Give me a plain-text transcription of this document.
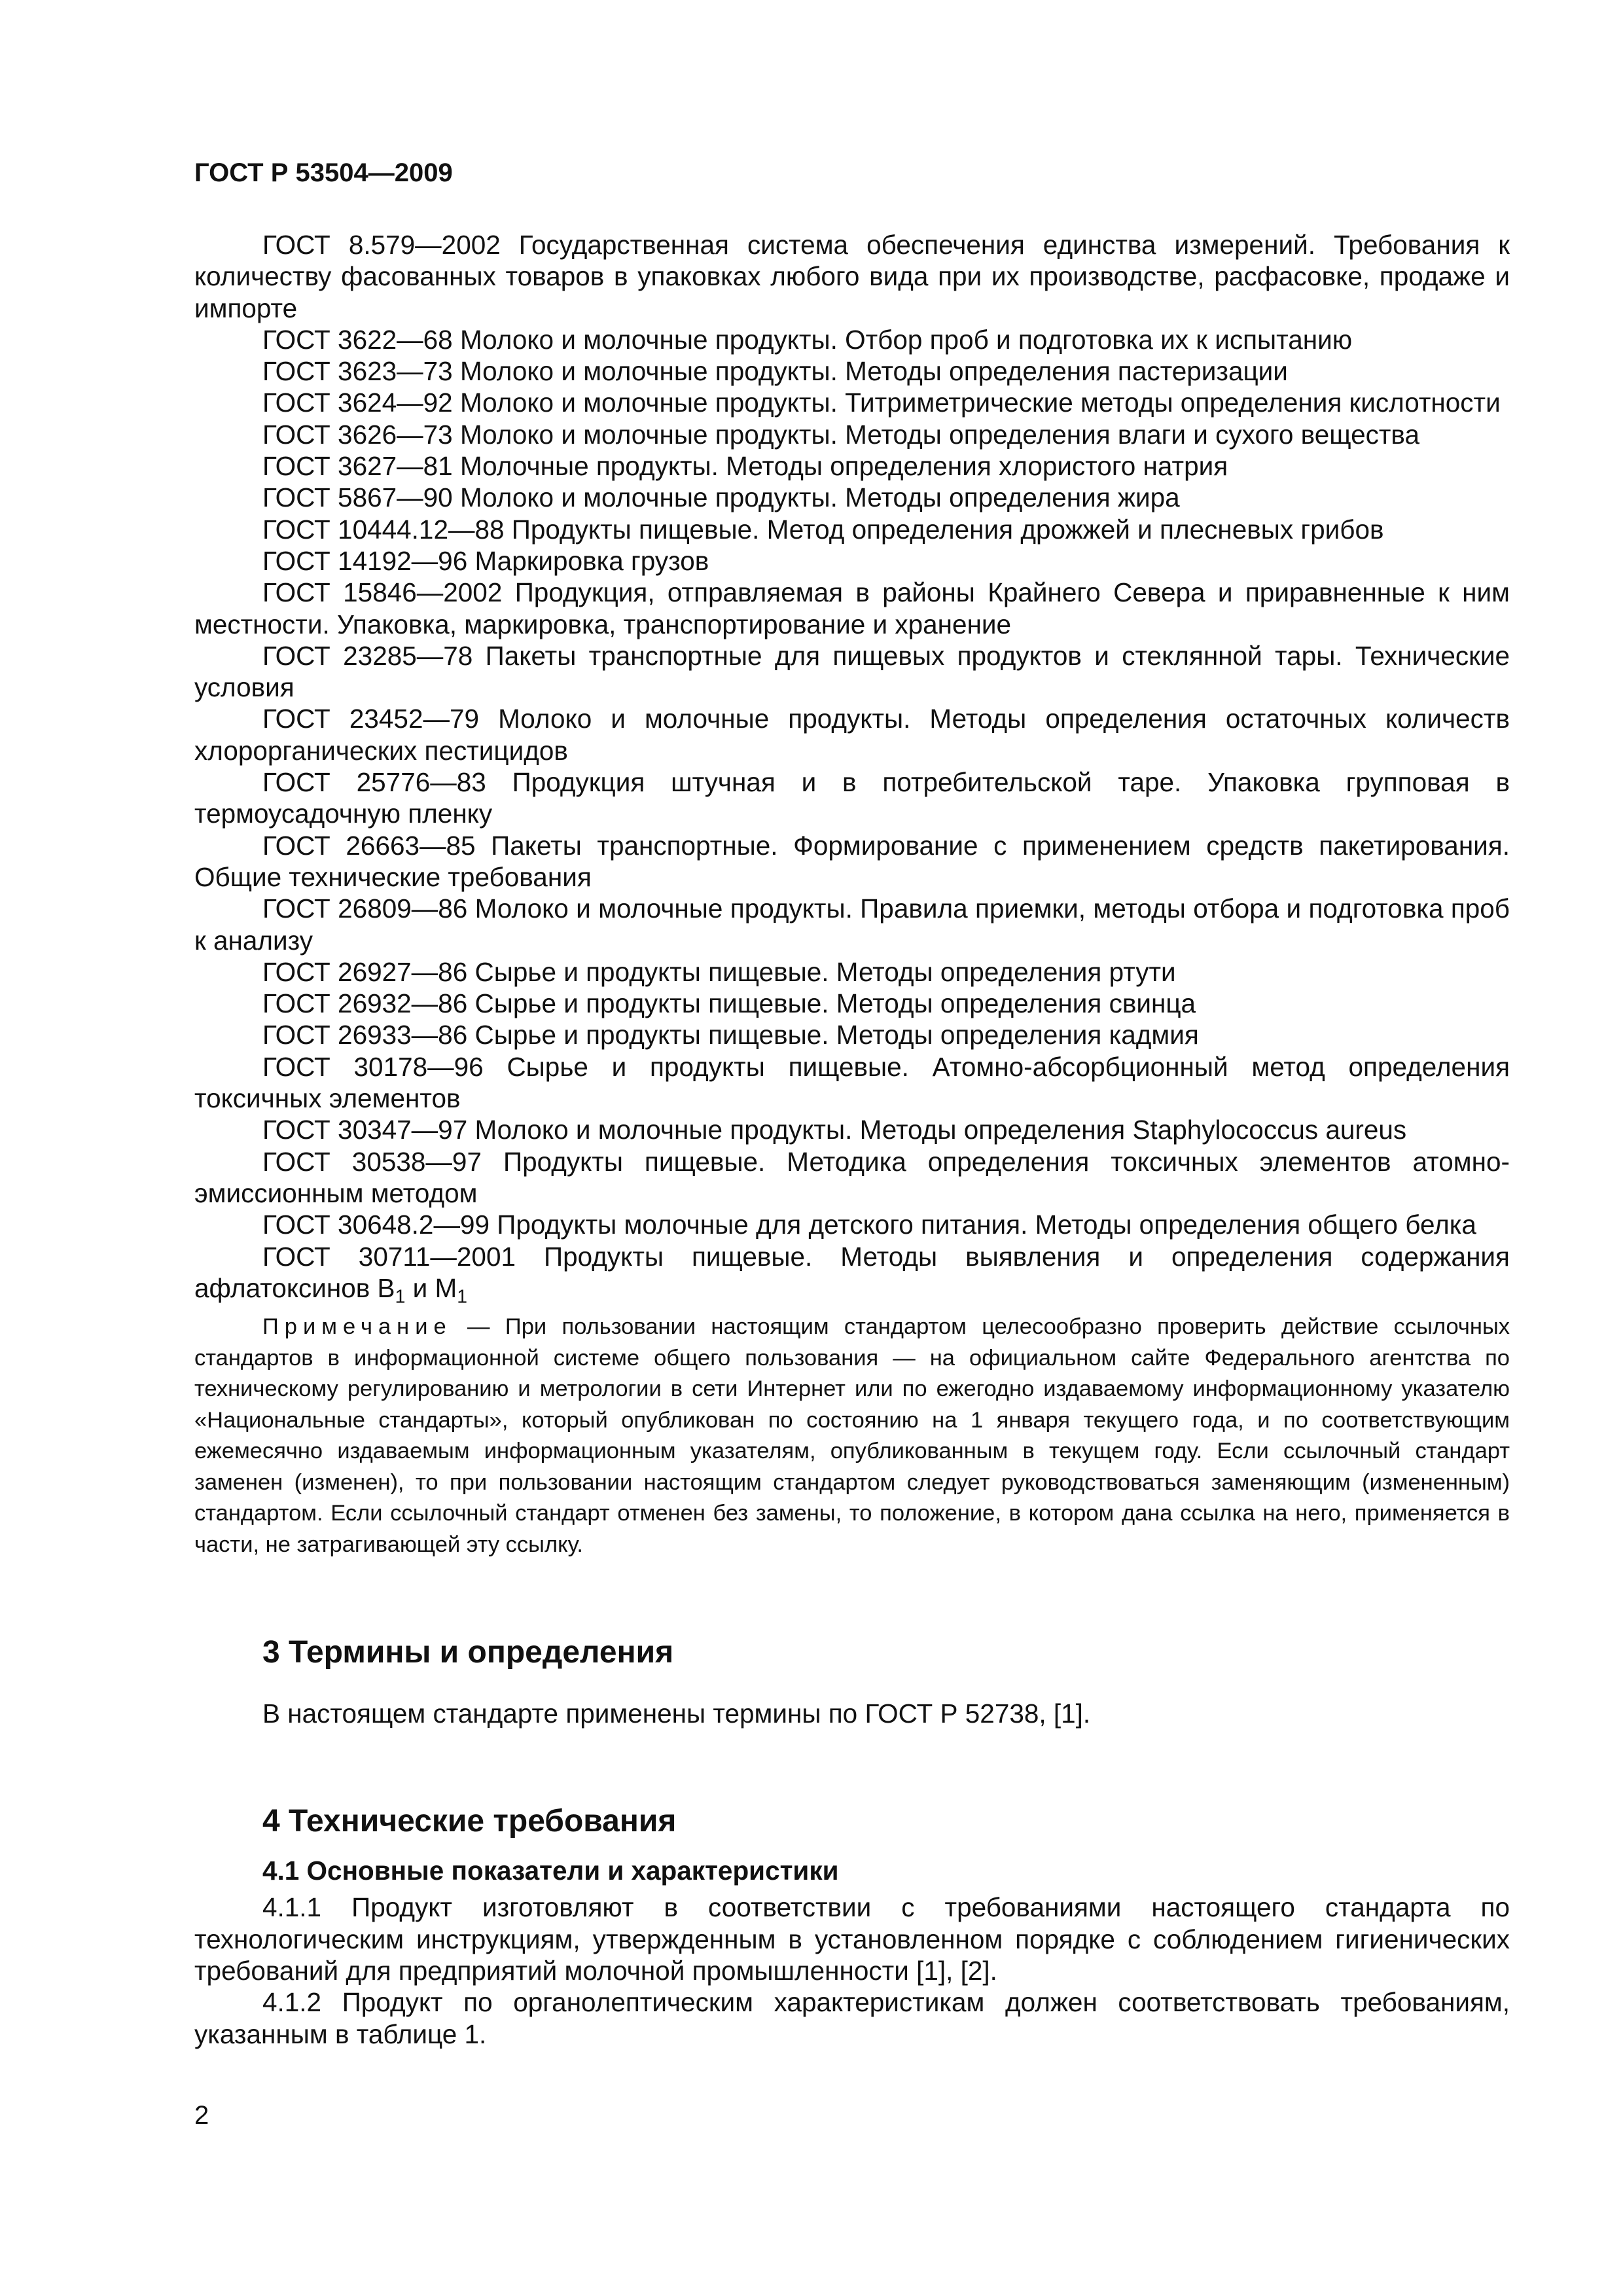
ГОСТ Р 53504—2009

ГОСТ 8.579—2002 Государственная система обеспечения единства измерений. Требования к количеству фасованных товаров в упаковках любого вида при их производстве, расфасовке, продаже и импорте

ГОСТ 3622—68 Молоко и молочные продукты. Отбор проб и подготовка их к испытанию

ГОСТ 3623—73 Молоко и молочные продукты. Методы определения пастеризации

ГОСТ 3624—92 Молоко и молочные продукты. Титриметрические методы определения кислотности

ГОСТ 3626—73 Молоко и молочные продукты. Методы определения влаги и сухого вещества

ГОСТ 3627—81 Молочные продукты. Методы определения хлористого натрия

ГОСТ 5867—90 Молоко и молочные продукты. Методы определения жира

ГОСТ 10444.12—88 Продукты пищевые. Метод определения дрожжей и плесневых грибов

ГОСТ 14192—96 Маркировка грузов

ГОСТ 15846—2002 Продукция, отправляемая в районы Крайнего Севера и приравненные к ним местности. Упаковка, маркировка, транспортирование и хранение

ГОСТ 23285—78 Пакеты транспортные для пищевых продуктов и стеклянной тары. Технические условия

ГОСТ 23452—79 Молоко и молочные продукты. Методы определения остаточных количеств хлорорганических пестицидов

ГОСТ 25776—83 Продукция штучная и в потребительской таре. Упаковка групповая в термоусадочную пленку

ГОСТ 26663—85 Пакеты транспортные. Формирование с применением средств пакетирования. Общие технические требования

ГОСТ 26809—86 Молоко и молочные продукты. Правила приемки, методы отбора и подготовка проб к анализу

ГОСТ 26927—86 Сырье и продукты пищевые. Методы определения ртути

ГОСТ 26932—86 Сырье и продукты пищевые. Методы определения свинца

ГОСТ 26933—86 Сырье и продукты пищевые. Методы определения кадмия

ГОСТ 30178—96 Сырье и продукты пищевые. Атомно-абсорбционный метод определения токсичных элементов

ГОСТ 30347—97 Молоко и молочные продукты. Методы определения Staphylococcus aureus

ГОСТ 30538—97 Продукты пищевые. Методика определения токсичных элементов атомно-эмиссионным методом

ГОСТ 30648.2—99 Продукты молочные для детского питания. Методы определения общего белка

ГОСТ 30711—2001 Продукты пищевые. Методы выявления и определения содержания афлатоксинов $B_1$ и $M_1$

Примечание — При пользовании настоящим стандартом целесообразно проверить действие ссылочных стандартов в информационной системе общего пользования — на официальном сайте Федерального агентства по техническому регулированию и метрологии в сети Интернет или по ежегодно издаваемому информационному указателю «Национальные стандарты», который опубликован по состоянию на 1 января текущего года, и по соответствующим ежемесячно издаваемым информационным указателям, опубликованным в текущем году. Если ссылочный стандарт заменен (изменен), то при пользовании настоящим стандартом следует руководствоваться заменяющим (измененным) стандартом. Если ссылочный стандарт отменен без замены, то положение, в котором дана ссылка на него, применяется в части, не затрагивающей эту ссылку.

3 Термины и определения

В настоящем стандарте применены термины по ГОСТ Р 52738, [1].

4 Технические требования
4.1 Основные показатели и характеристики

4.1.1 Продукт изготовляют в соответствии с требованиями настоящего стандарта по технологическим инструкциям, утвержденным в установленном порядке с соблюдением гигиенических требований для предприятий молочной промышленности [1], [2].

4.1.2 Продукт по органолептическим характеристикам должен соответствовать требованиям, указанным в таблице 1.

2
